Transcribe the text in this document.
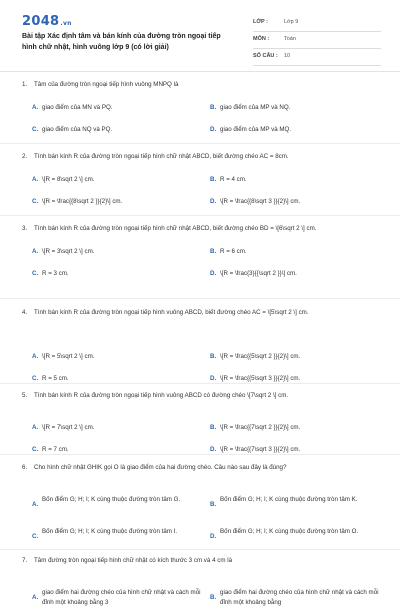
2048.vn
Bài tập Xác định tâm và bán kính của đường tròn ngoại tiếp hình chữ nhật, hình vuông lớp 9 (có lời giải)
LỚP :	Lớp 9
MÔN :	Toán
SỐ CÂU : 10
1.	Tâm của đường tròn ngoại tiếp hình vuông MNPQ là
A. giao điểm của MN và PQ.	B. giao điểm của MP và NQ.
C. giao điểm của NQ và PQ.	D. giao điểm của MP và MQ.
2.	Tính bán kính R của đường tròn ngoại tiếp hình chữ nhật ABCD, biết đường chéo AC = 8cm.
A. \[R = 8\sqrt 2 \] cm.	B. R = 4 cm.
C. \[R = \frac{{8\sqrt 2 }}{2}\] cm.	D. \[R = \frac{{8\sqrt 3 }}{2}\] cm.
3.	Tính bán kính R của đường tròn ngoại tiếp hình chữ nhật ABCD, biết đường chéo BD = \[6\sqrt 2 \] cm.
A. \[R = 3\sqrt 2 \] cm.	B. R = 6 cm.
C. R = 3 cm.	D. \[R = \frac{3}{{\sqrt 2 }}\] cm.
4.	Tính bán kính R của đường tròn ngoại tiếp hình vuông ABCD, biết đường chéo AC = \[5\sqrt 2 \] cm.
A. \[R = 5\sqrt 2 \] cm.	B. \[R = \frac{{5\sqrt 2 }}{2}\] cm.
C. R = 5 cm.	D. \[R = \frac{{5\sqrt 3 }}{2}\] cm.
5.	Tính bán kính R của đường tròn ngoại tiếp hình vuông ABCD có đường chéo \[7\sqrt 2 \] cm.
A. \[R = 7\sqrt 2 \] cm.	B. \[R = \frac{{7\sqrt 2 }}{2}\] cm.
C. R = 7 cm.	D. \[R = \frac{{7\sqrt 3 }}{2}\] cm.
6.	Cho hình chữ nhật GHIK gọi O là giao điểm của hai đường chéo. Câu nào sau đây là đúng?
A.
Bốn điểm G; H; I; K cùng thuộc đường tròn tâm G.
B.
Bốn điểm G; H; I; K cùng thuộc đường tròn tâm K.
C.
Bốn điểm G; H; I; K cùng thuộc đường tròn tâm I.
D.
Bốn điểm G; H; I; K cùng thuộc đường tròn tâm O.
7.	Tâm đường tròn ngoại tiếp hình chữ nhật có kích thước 3 cm và 4 cm là
A.
giao điểm hai đường chéo của hình chữ nhật và cách mỗi đỉnh một khoảng bằng 3
B.
giao điểm hai đường chéo của hình chữ nhật và cách mỗi đỉnh một khoảng bằng
